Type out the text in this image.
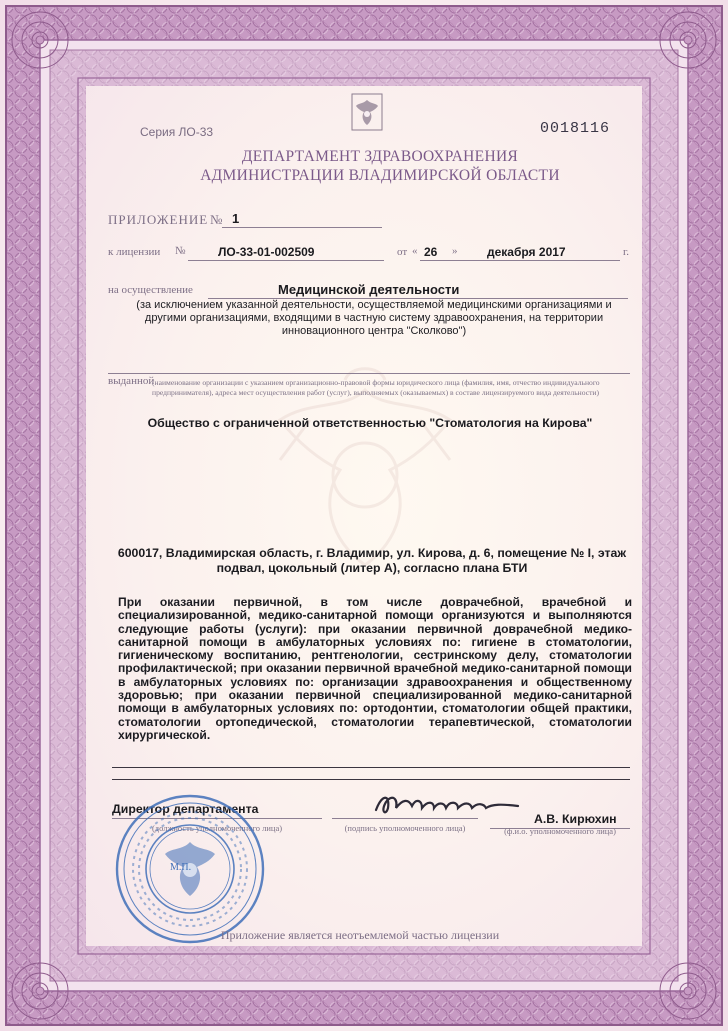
Серия ЛО-33	0018116
ДЕПАРТАМЕНТ ЗДРАВООХРАНЕНИЯ
АДМИНИСТРАЦИИ ВЛАДИМИРСКОЙ ОБЛАСТИ
ПРИЛОЖЕНИЕ № 1
к лицензии №	ЛО-33-01-002509	от « 26 » декабря 2017	г.
на осуществление	Медицинской деятельности
(за исключением указанной деятельности, осуществляемой медицинскими организациями и другими организациями, входящими в частную систему здравоохранения, на территории инновационного центра "Сколково")
выданной
(наименование организации с указанием организационно-правовой формы юридического лица (фамилия, имя, отчество индивидуального предпринимателя), адреса мест осуществления работ (услуг), выполняемых (оказываемых) в составе лицензируемого вида деятельности)
Общество с ограниченной ответственностью "Стоматология на Кирова"
600017, Владимирская область, г. Владимир, ул. Кирова, д. 6, помещение № I, этаж подвал, цокольный (литер А), согласно плана БТИ
При оказании первичной, в том числе доврачебной, врачебной и специализированной, медико-санитарной помощи организуются и выполняются следующие работы (услуги): при оказании первичной доврачебной медико-санитарной помощи в амбулаторных условиях по: гигиене в стоматологии, гигиеническому воспитанию, рентгенологии, сестринскому делу, стоматологии профилактической; при оказании первичной врачебной медико-санитарной помощи в амбулаторных условиях по: организации здравоохранения и общественному здоровью; при оказании первичной специализированной медико-санитарной помощи в амбулаторных условиях по: ортодонтии, стоматологии общей практики, стоматологии ортопедической, стоматологии терапевтической, стоматологии хирургической.
Директор департамента
(должность уполномоченного лица)	(подпись уполномоченного лица)
А.В. Кирюхин
(ф.и.о. уполномоченного лица)
М.П.
Приложение является неотъемлемой частью лицензии
